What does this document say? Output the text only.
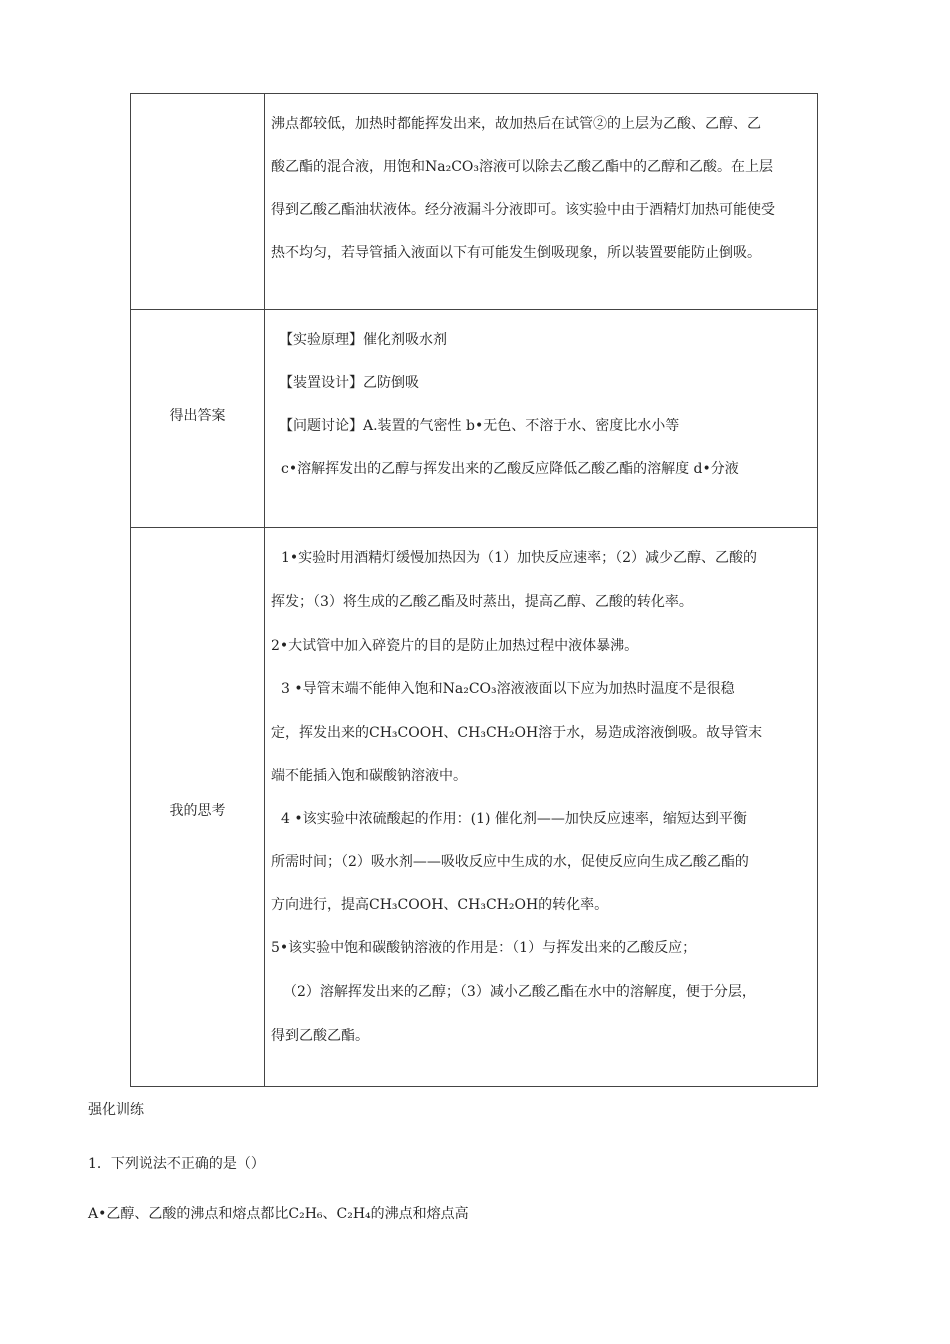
沸点都较低，加热时都能挥发出来，故加热后在试管②的上层为乙酸、乙醇、乙
酸乙酯的混合液，用饱和Na₂CO₃溶液可以除去乙酸乙酯中的乙醇和乙酸。在上层
得到乙酸乙酯油状液体。经分液漏斗分液即可。该实验中由于酒精灯加热可能使受
热不均匀，若导管插入液面以下有可能发生倒吸现象，所以装置要能防止倒吸。
得出答案
【实验原理】催化剂吸水剂
【装置设计】乙防倒吸
【问题讨论】A.装置的气密性 b•无色、不溶于水、密度比水小等
c•溶解挥发出的乙醇与挥发出来的乙酸反应降低乙酸乙酯的溶解度 d•分液
我的思考
1•实验时用酒精灯缓慢加热因为（1）加快反应速率；（2）减少乙醇、乙酸的
挥发；（3）将生成的乙酸乙酯及时蒸出，提高乙醇、乙酸的转化率。
2•大试管中加入碎瓷片的目的是防止加热过程中液体暴沸。
3 •导管末端不能伸入饱和Na₂CO₃溶液液面以下应为加热时温度不是很稳
定，挥发出来的CH₃COOH、CH₃CH₂OH溶于水，易造成溶液倒吸。故导管末
端不能插入饱和碳酸钠溶液中。
4 •该实验中浓硫酸起的作用：(1) 催化剂——加快反应速率，缩短达到平衡
所需时间；（2）吸水剂——吸收反应中生成的水，促使反应向生成乙酸乙酯的
方向进行，提高CH₃COOH、CH₃CH₂OH的转化率。
5•该实验中饱和碳酸钠溶液的作用是：（1）与挥发出来的乙酸反应；
（2）溶解挥发出来的乙醇；（3）减小乙酸乙酯在水中的溶解度，便于分层，
得到乙酸乙酯。
强化训练
1．下列说法不正确的是（）
A•乙醇、乙酸的沸点和熔点都比C₂H₆、C₂H₄的沸点和熔点高
